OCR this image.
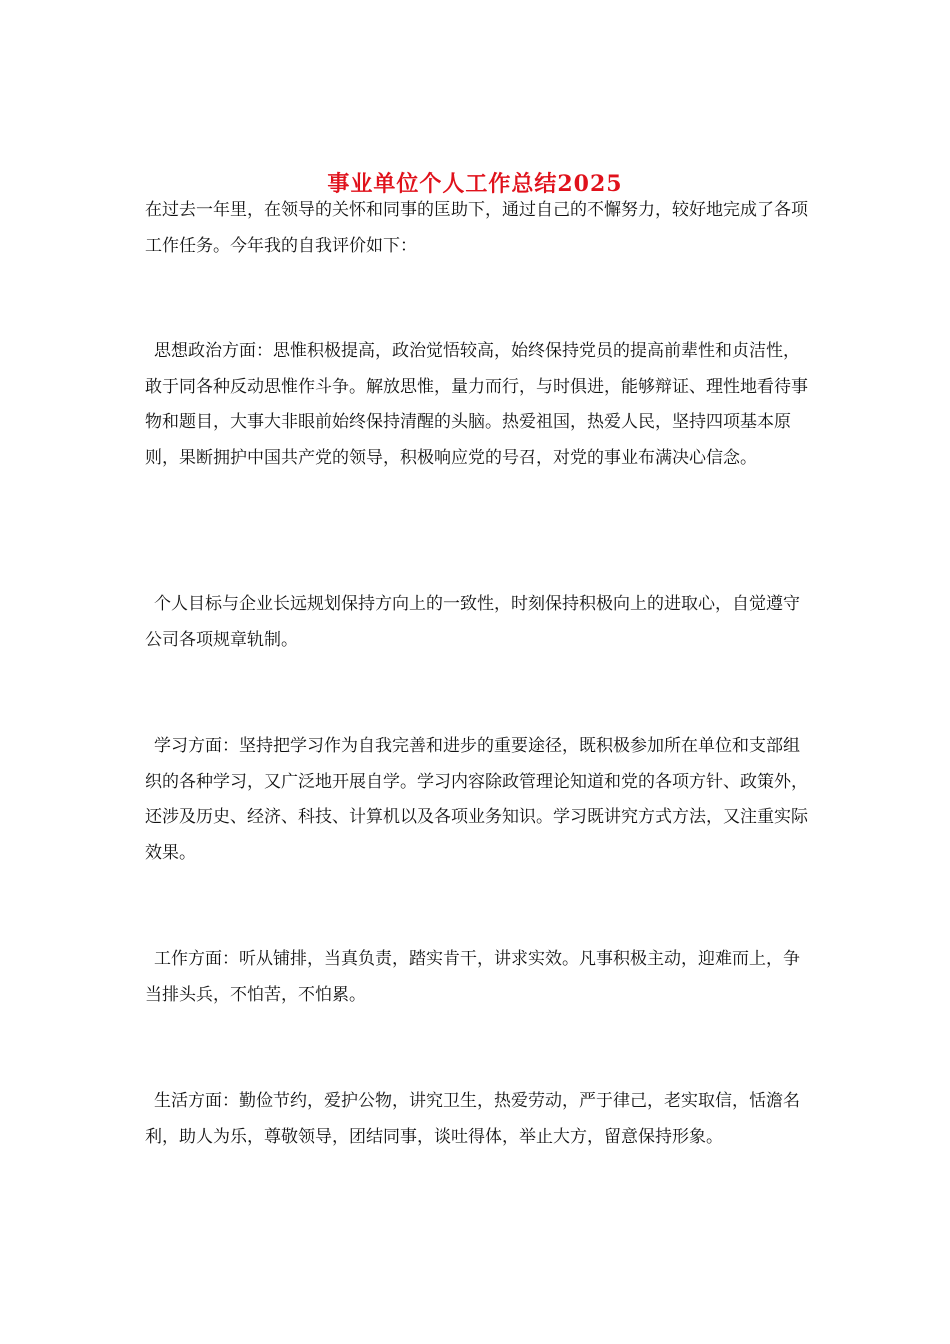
事业单位个人工作总结2025

在过去一年里，在领导的关怀和同事的匡助下，通过自己的不懈努力，较好地完成了各项工作任务。今年我的自我评价如下：

思想政治方面：思惟积极提高，政治觉悟较高，始终保持党员的提高前辈性和贞洁性，敢于同各种反动思惟作斗争。解放思惟，量力而行，与时俱进，能够辩证、理性地看待事物和题目，大事大非眼前始终保持清醒的头脑。热爱祖国，热爱人民，坚持四项基本原则，果断拥护中国共产党的领导，积极响应党的号召，对党的事业布满决心信念。

个人目标与企业长远规划保持方向上的一致性，时刻保持积极向上的进取心，自觉遵守公司各项规章轨制。

学习方面：坚持把学习作为自我完善和进步的重要途径，既积极参加所在单位和支部组织的各种学习，又广泛地开展自学。学习内容除政管理论知道和党的各项方针、政策外，还涉及历史、经济、科技、计算机以及各项业务知识。学习既讲究方式方法，又注重实际效果。

工作方面：听从铺排，当真负责，踏实肯干，讲求实效。凡事积极主动，迎难而上，争当排头兵，不怕苦，不怕累。

生活方面：勤俭节约，爱护公物，讲究卫生，热爱劳动，严于律己，老实取信，恬澹名利，助人为乐，尊敬领导，团结同事，谈吐得体，举止大方，留意保持形象。
